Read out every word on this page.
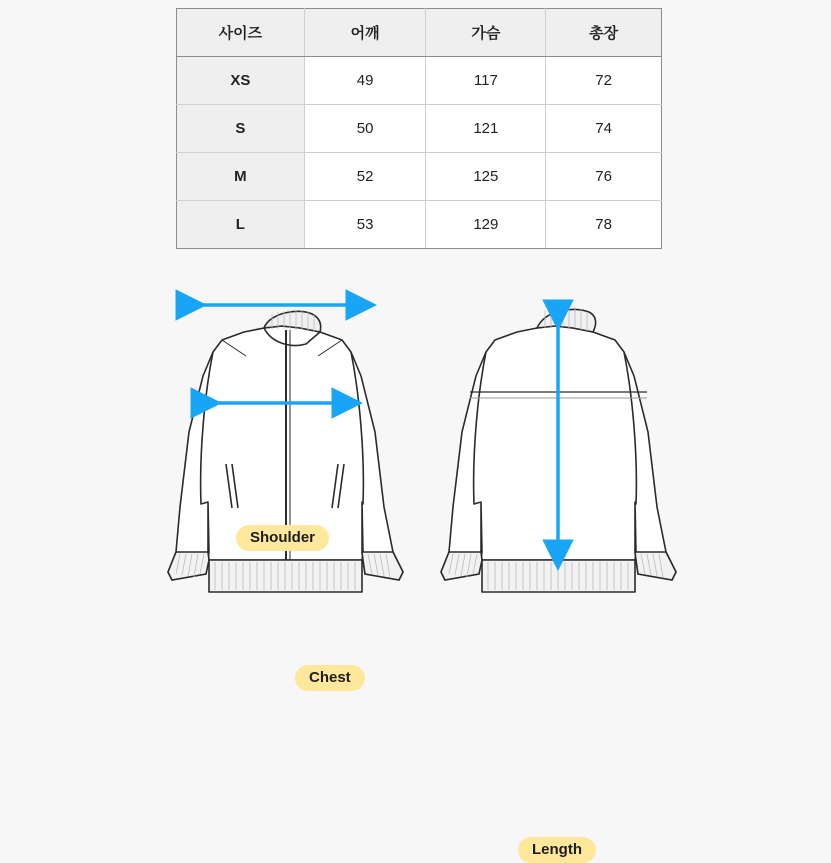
사이즈	어깨	가슴	총장
XS	49	117	72
S	50	121	74
M	52	125	76
L	53	129	78
Shoulder
Chest
Length
